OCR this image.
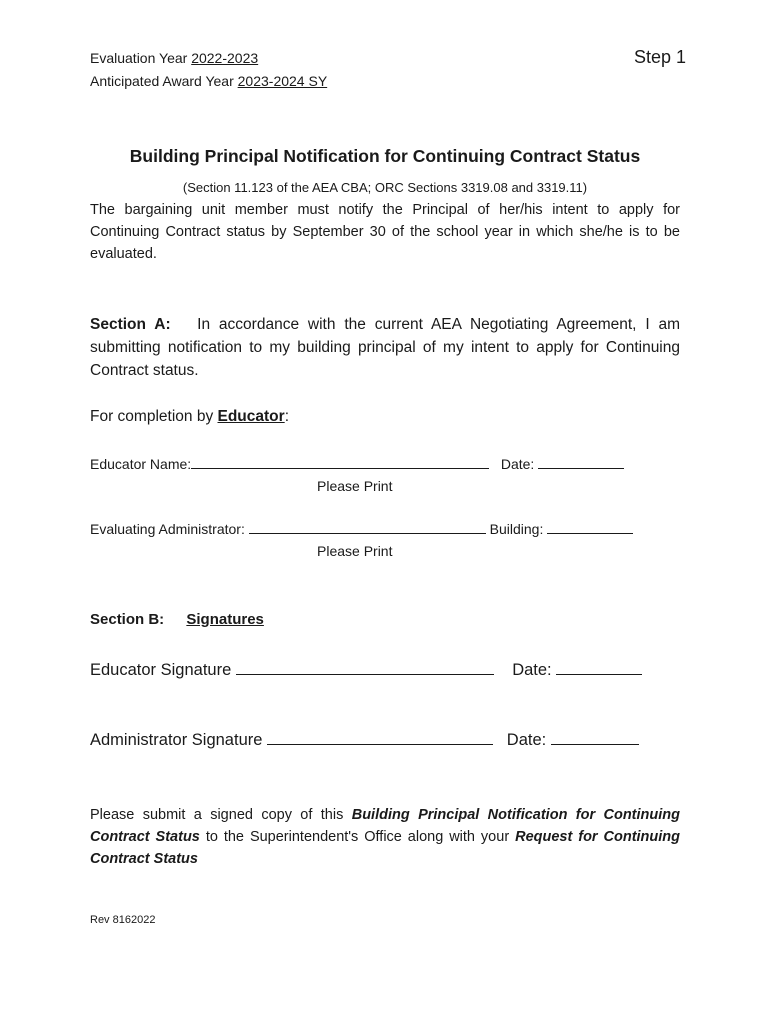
Evaluation Year 2022-2023	Step 1
Anticipated Award Year 2023-2024 SY
Building Principal Notification for Continuing Contract Status
(Section 11.123 of the AEA CBA; ORC Sections 3319.08 and 3319.11)
The bargaining unit member must notify the Principal of her/his intent to apply for Continuing Contract status by September 30 of the school year in which she/he is to be evaluated.
Section A: In accordance with the current AEA Negotiating Agreement, I am submitting notification to my building principal of my intent to apply for Continuing Contract status.
For completion by Educator:
Educator Name:	Date:
Please Print
Evaluating Administrator:	Building:
Please Print
Section B: Signatures
Educator Signature	Date:
Administrator Signature	Date:
Please submit a signed copy of this Building Principal Notification for Continuing Contract Status to the Superintendent's Office along with your Request for Continuing Contract Status
Rev 8162022
